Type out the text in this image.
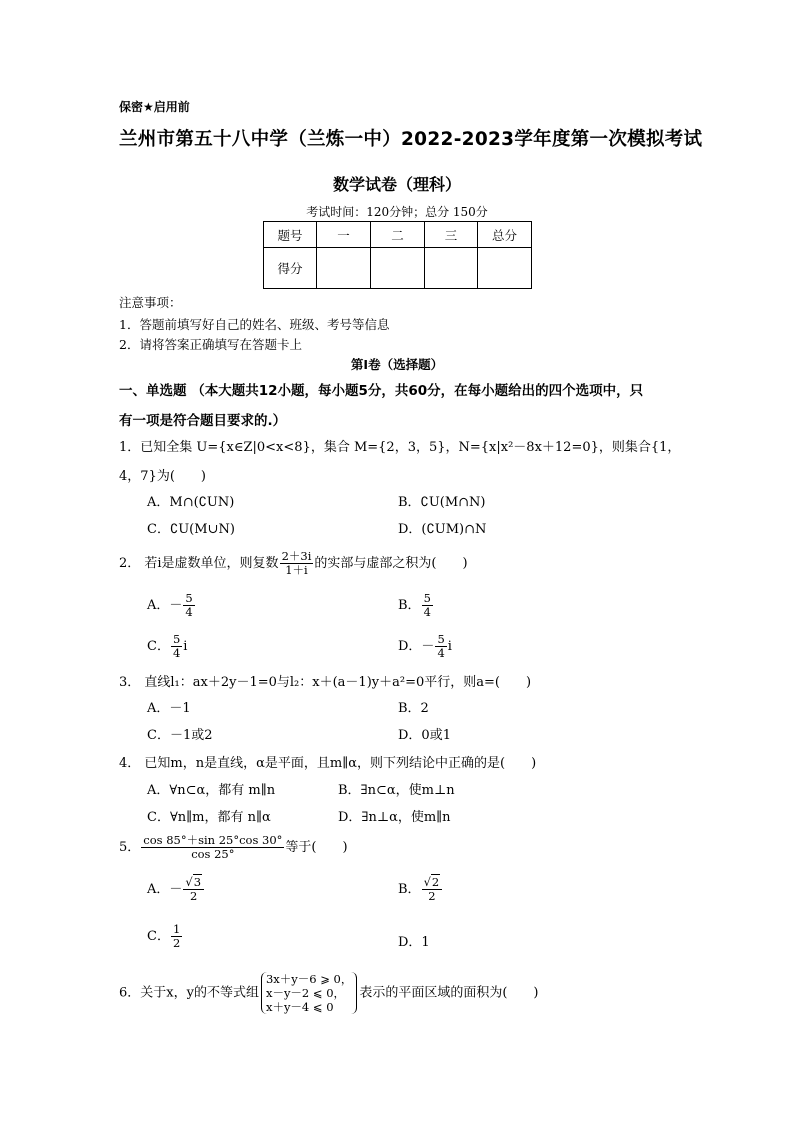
保密★启用前
兰州市第五十八中学（兰炼一中）2022-2023学年度第一次模拟考试
数学试卷（理科）
考试时间：120分钟；总分 150分
题号	一	二	三	总分
得分				
注意事项：
1．答题前填写好自己的姓名、班级、考号等信息
2．请将答案正确填写在答题卡上
第I卷（选择题）
一、单选题 （本大题共12小题，每小题5分，共60分，在每小题给出的四个选项中，只
有一项是符合题目要求的.）
1．已知全集 U={x∈Z|0<x<8}，集合 M={2，3，5}，N={x|x²－8x＋12=0}，则集合{1，
4，7}为(　　)
A．M∩(∁UN)	B．∁U(M∩N)
C．∁U(M∪N)	D．(∁UM)∩N
2． 若i是虚数单位，则复数 $\frac{2+3i}{1+i}$ 的实部与虚部之积为(　　)
A．－ $\frac{5}{4}$	B． $\frac{5}{4}$
C． $\frac{5}{4}$ i	D．－ $\frac{5}{4}$ i
3． 直线l₁：ax＋2y－1=0与l₂：x＋(a－1)y＋a²=0平行，则a=(　　)
A．－1	B．2
C．－1或2	D．0或1
4． 已知m，n是直线，α是平面，且m∥α，则下列结论中正确的是(　　)
A．∀n⊂α，都有 m∥n	B．∃n⊂α，使m⊥n
C．∀n∥m，都有 n∥α	D．∃n⊥α，使m∥n
5． $\frac{\cos 85^\circ+\sin 25^\circ\cos 30^\circ}{\cos 25^\circ}$ 等于(　　)
A．－ $\frac{√3}{2}$	B． $\frac{√2}{2}$
C． $\frac{1}{2}$	D．1
6．关于x，y的不等式组
3x＋y－6 ⩾ 0，
x－y－2 ⩽ 0，
x＋y－4 ⩽ 0
表示的平面区域的面积为(　　)
